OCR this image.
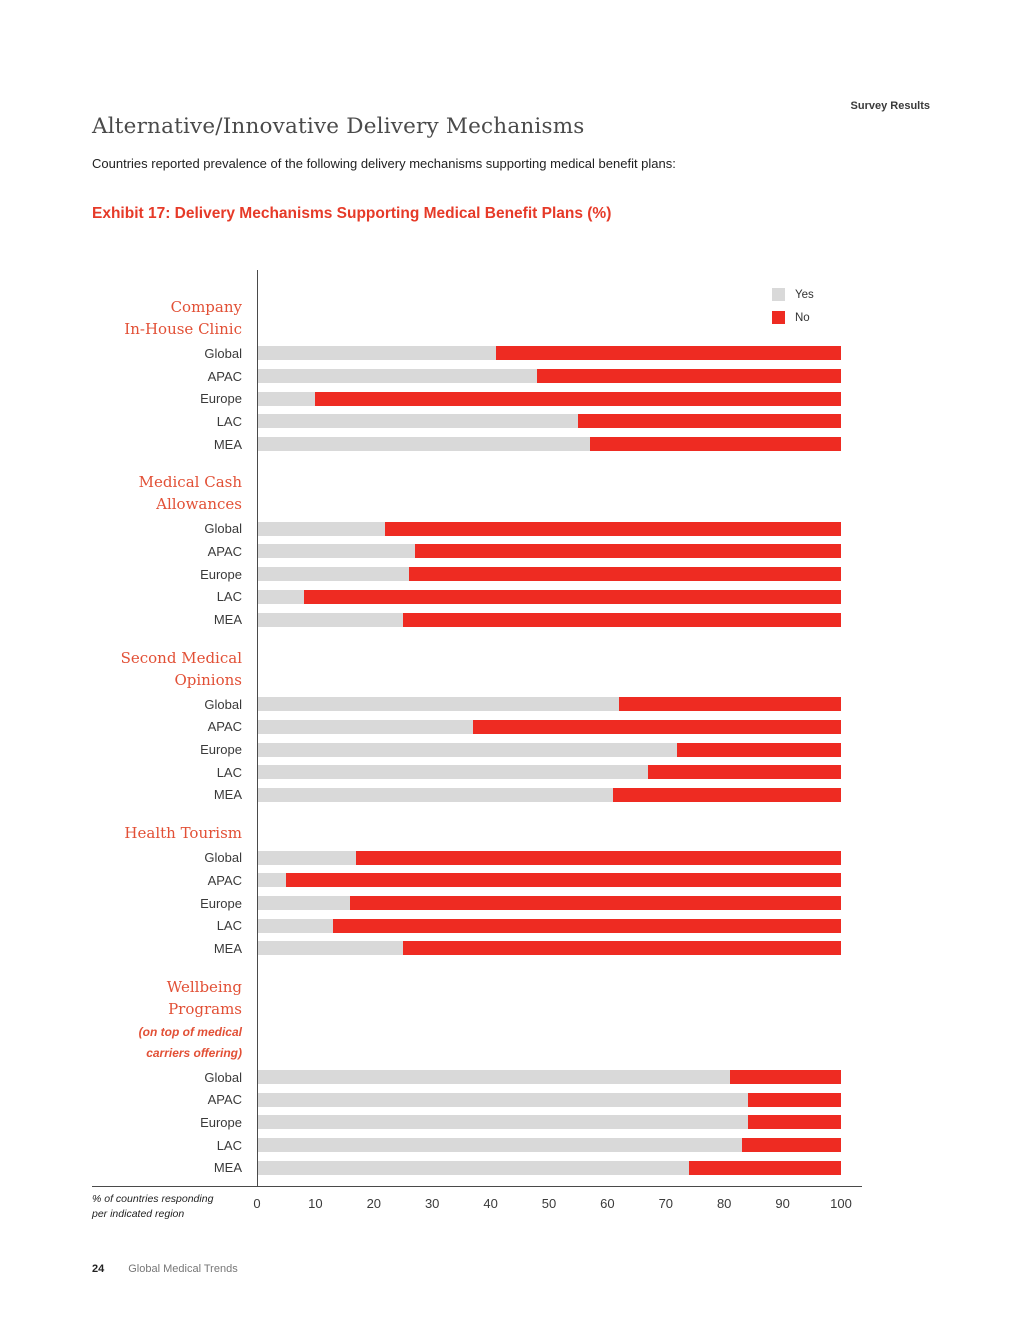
Survey Results
Alternative/Innovative Delivery Mechanisms

Countries reported prevalence of the following delivery mechanisms supporting medical benefit plans:

Exhibit 17: Delivery Mechanisms Supporting Medical Benefit Plans (%)
Yes
No
Company
In-House Clinic
Global
APAC
Europe
LAC
MEA
Medical Cash
Allowances
Global
APAC
Europe
LAC
MEA
Second Medical
Opinions
Global
APAC
Europe
LAC
MEA
Health Tourism
Global
APAC
Europe
LAC
MEA
Wellbeing Programs
(on top of medical
carriers offering)
Global
APAC
Europe
LAC
MEA
0	10	20	30	40	50	60	70	80	90	100
% of countries responding
per indicated region
24 Global Medical Trends
